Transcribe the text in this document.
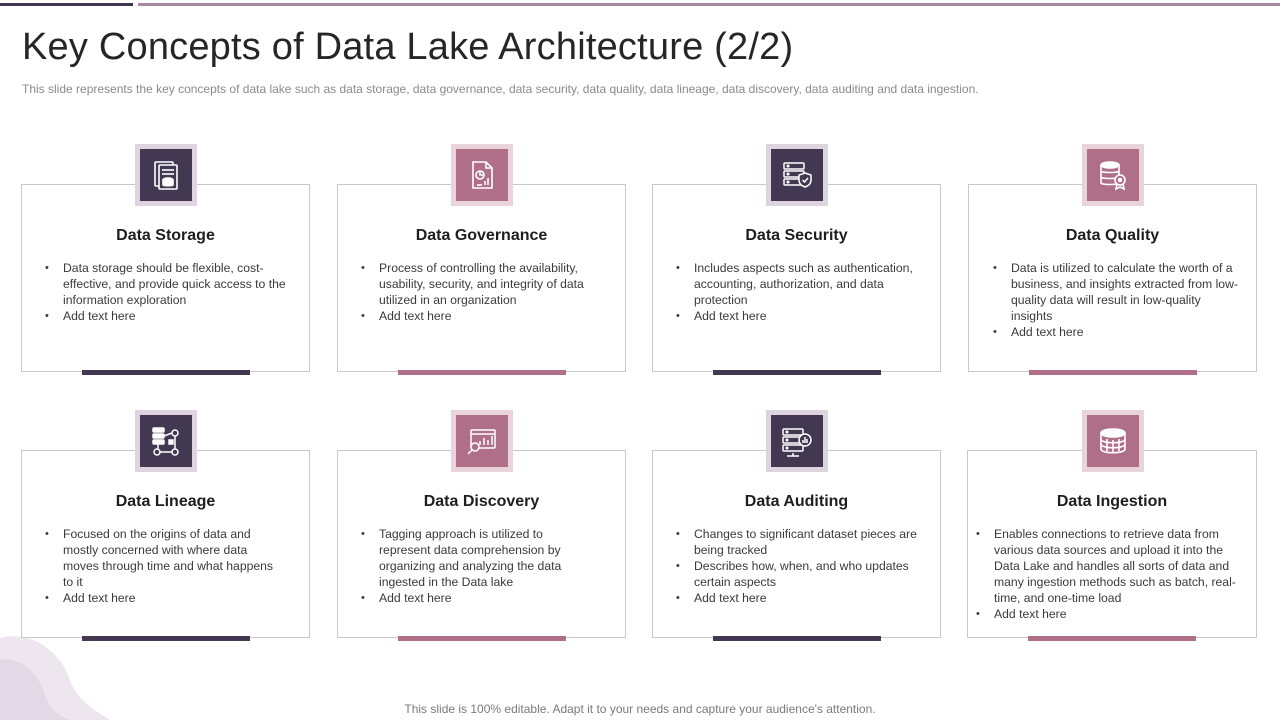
Key Concepts of Data Lake Architecture (2/2)
This slide represents the key concepts of data lake such as data storage, data governance, data security, data quality, data lineage, data discovery, data auditing and data ingestion.
Data Storage
• Data storage should be flexible, cost-effective, and provide quick access to the information exploration
• Add text here
Data Governance
• Process of controlling the availability, usability, security, and integrity of data utilized in an organization
• Add text here
Data Security
• Includes aspects such as authentication, accounting, authorization, and data protection
• Add text here
Data Quality
• Data is utilized to calculate the worth of a business, and insights extracted from low-quality data will result in low-quality insights
• Add text here
Data Lineage
• Focused on the origins of data and mostly concerned with where data moves through time and what happens to it
• Add text here
Data Discovery
• Tagging approach is utilized to represent data comprehension by organizing and analyzing the data ingested in the Data lake
• Add text here
Data Auditing
• Changes to significant dataset pieces are being tracked
• Describes how, when, and who updates certain aspects
• Add text here
Data Ingestion
• Enables connections to retrieve data from various data sources and upload it into the Data Lake and handles all sorts of data and many ingestion methods such as batch, real-time, and one-time load
• Add text here
This slide is 100% editable. Adapt it to your needs and capture your audience's attention.
